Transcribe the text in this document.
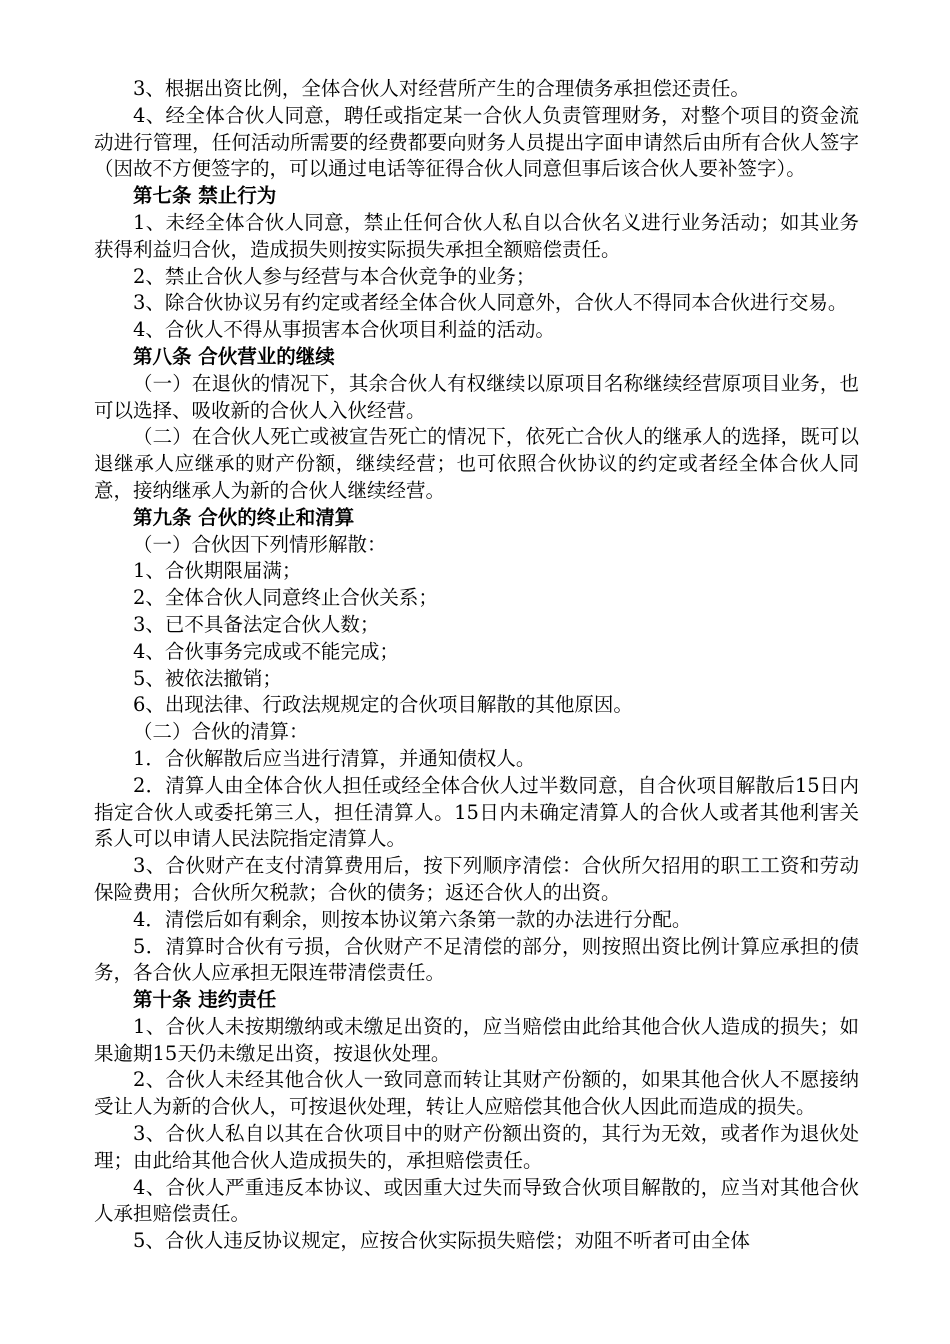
3、根据出资比例，全体合伙人对经营所产生的合理债务承担偿还责任。

4、经全体合伙人同意，聘任或指定某一合伙人负责管理财务，对整个项目的资金流动进行管理，任何活动所需要的经费都要向财务人员提出字面申请然后由所有合伙人签字（因故不方便签字的，可以通过电话等征得合伙人同意但事后该合伙人要补签字）。

第七条 禁止行为

1、未经全体合伙人同意，禁止任何合伙人私自以合伙名义进行业务活动；如其业务获得利益归合伙，造成损失则按实际损失承担全额赔偿责任。

2、禁止合伙人参与经营与本合伙竞争的业务；

3、除合伙协议另有约定或者经全体合伙人同意外，合伙人不得同本合伙进行交易。

4、合伙人不得从事损害本合伙项目利益的活动。

第八条 合伙营业的继续

（一）在退伙的情况下，其余合伙人有权继续以原项目名称继续经营原项目业务，也可以选择、吸收新的合伙人入伙经营。

（二）在合伙人死亡或被宣告死亡的情况下，依死亡合伙人的继承人的选择，既可以退继承人应继承的财产份额，继续经营；也可依照合伙协议的约定或者经全体合伙人同意，接纳继承人为新的合伙人继续经营。

第九条 合伙的终止和清算

（一）合伙因下列情形解散：

1、合伙期限届满；

2、全体合伙人同意终止合伙关系；

3、已不具备法定合伙人数；

4、合伙事务完成或不能完成；

5、被依法撤销；

6、出现法律、行政法规规定的合伙项目解散的其他原因。

（二）合伙的清算：

1．合伙解散后应当进行清算，并通知债权人。

2．清算人由全体合伙人担任或经全体合伙人过半数同意，自合伙项目解散后15日内指定合伙人或委托第三人，担任清算人。15日内未确定清算人的合伙人或者其他利害关系人可以申请人民法院指定清算人。

3、合伙财产在支付清算费用后，按下列顺序清偿：合伙所欠招用的职工工资和劳动保险费用；合伙所欠税款；合伙的债务；返还合伙人的出资。

4．清偿后如有剩余，则按本协议第六条第一款的办法进行分配。

5．清算时合伙有亏损，合伙财产不足清偿的部分，则按照出资比例计算应承担的债务，各合伙人应承担无限连带清偿责任。

第十条 违约责任

1、合伙人未按期缴纳或未缴足出资的，应当赔偿由此给其他合伙人造成的损失；如果逾期15天仍未缴足出资，按退伙处理。

2、合伙人未经其他合伙人一致同意而转让其财产份额的，如果其他合伙人不愿接纳受让人为新的合伙人，可按退伙处理，转让人应赔偿其他合伙人因此而造成的损失。

3、合伙人私自以其在合伙项目中的财产份额出资的，其行为无效，或者作为退伙处理；由此给其他合伙人造成损失的，承担赔偿责任。

4、合伙人严重违反本协议、或因重大过失而导致合伙项目解散的，应当对其他合伙人承担赔偿责任。

5、合伙人违反协议规定，应按合伙实际损失赔偿；劝阻不听者可由全体
